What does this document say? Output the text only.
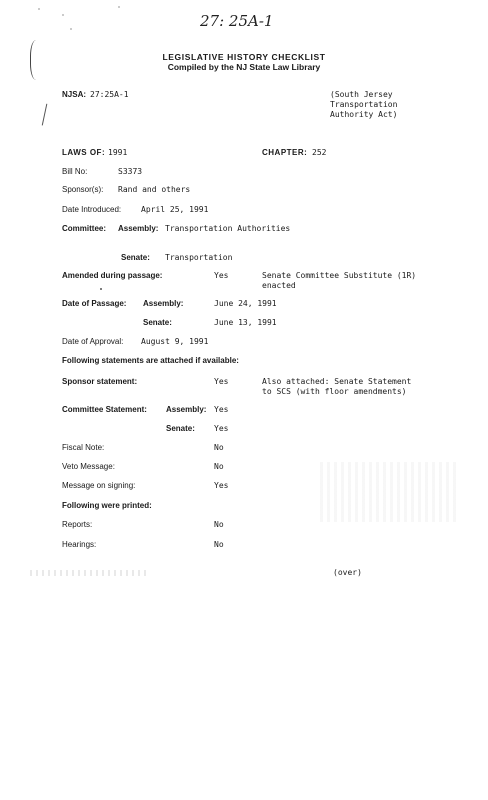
27: 25A-1
LEGISLATIVE HISTORY CHECKLIST
Compiled by the NJ State Law Library
NJSA: 27:25A-1	(South Jersey
Transportation
Authority Act)
LAWS OF: 1991	CHAPTER: 252
Bill No:	S3373
Sponsor(s): Rand and others
Date Introduced: April 25, 1991
Committee: Assembly: Transportation Authorities
Senate: Transportation
Amended during passage:	Yes	Senate Committee Substitute (1R)
enacted
Date of Passage: Assembly:	June 24, 1991
Senate:	June 13, 1991
Date of Approval: August 9, 1991
Following statements are attached if available:
Sponsor statement:	Yes	Also attached: Senate Statement
to SCS (with floor amendments)
Committee Statement: Assembly: Yes
Senate: Yes
Fiscal Note:	No
Veto Message:	No
Message on signing:	Yes
Following were printed:
Reports:	No
Hearings:	No
(over)
